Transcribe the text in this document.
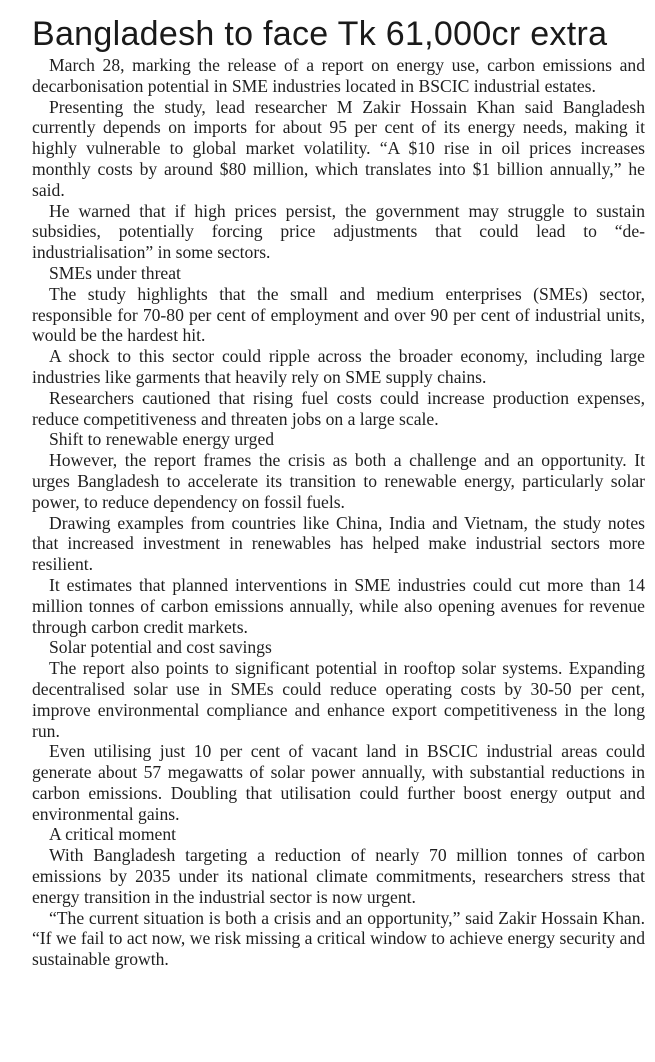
Bangladesh to face Tk 61,000cr extra

March 28, marking the release of a report on energy use, carbon emissions and decarbonisation potential in SME industries located in BSCIC industrial estates.

Presenting the study, lead researcher M Zakir Hossain Khan said Bangladesh currently depends on imports for about 95 per cent of its energy needs, making it highly vulnerable to global market volatility. “A $10 rise in oil prices increases monthly costs by around $80 million, which translates into $1 billion annually,” he said.

He warned that if high prices persist, the government may struggle to sustain subsidies, potentially forcing price adjustments that could lead to “de-industrialisation” in some sectors.

SMEs under threat

The study highlights that the small and medium enterprises (SMEs) sector, responsible for 70-80 per cent of employment and over 90 per cent of industrial units, would be the hardest hit.

A shock to this sector could ripple across the broader economy, including large industries like garments that heavily rely on SME supply chains.

Researchers cautioned that rising fuel costs could increase production expenses, reduce competitiveness and threaten jobs on a large scale.

Shift to renewable energy urged

However, the report frames the crisis as both a challenge and an opportunity. It urges Bangladesh to accelerate its transition to renewable energy, particularly solar power, to reduce dependency on fossil fuels.

Drawing examples from countries like China, India and Vietnam, the study notes that increased investment in renewables has helped make industrial sectors more resilient.

It estimates that planned interventions in SME industries could cut more than 14 million tonnes of carbon emissions annually, while also opening avenues for revenue through carbon credit markets.

Solar potential and cost savings

The report also points to significant potential in rooftop solar systems. Expanding decentralised solar use in SMEs could reduce operating costs by 30-50 per cent, improve environmental compliance and enhance export competitiveness in the long run.

Even utilising just 10 per cent of vacant land in BSCIC industrial areas could generate about 57 megawatts of solar power annually, with substantial reductions in carbon emissions. Doubling that utilisation could further boost energy output and environmental gains.

A critical moment

With Bangladesh targeting a reduction of nearly 70 million tonnes of carbon emissions by 2035 under its national climate commitments, researchers stress that energy transition in the industrial sector is now urgent.

“The current situation is both a crisis and an opportunity,” said Zakir Hossain Khan. “If we fail to act now, we risk missing a critical window to achieve energy security and sustainable growth.
